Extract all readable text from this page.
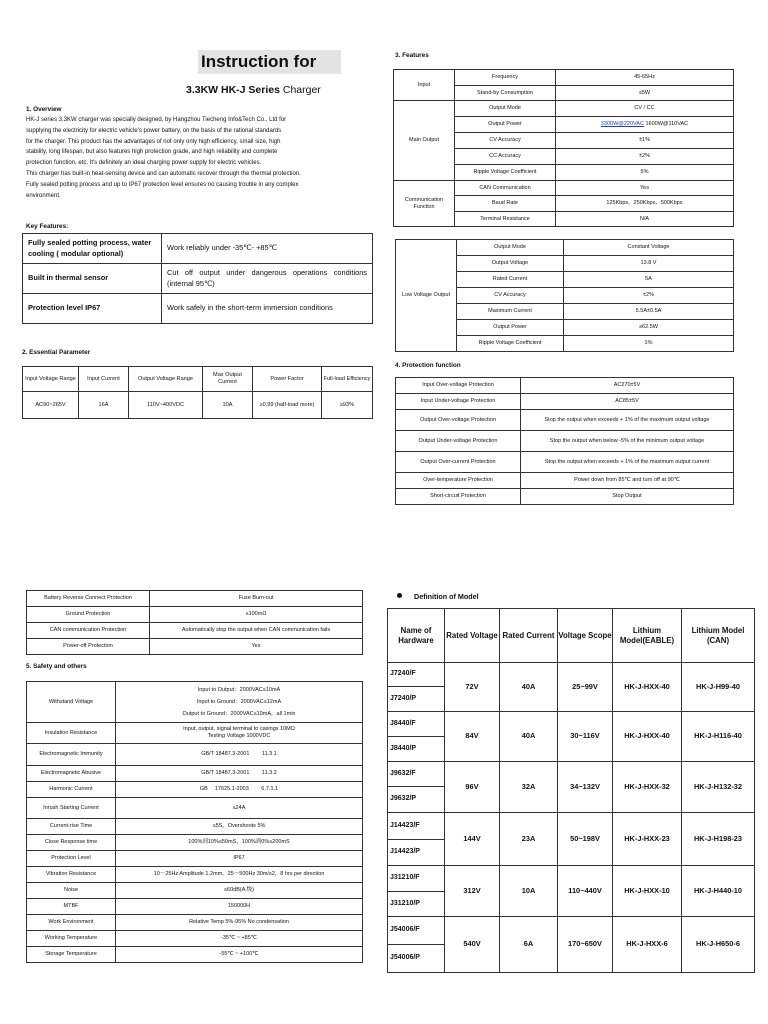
Instruction for
3.3KW HK-J Series Charger
1. Overview
HK-J series 3.3KW charger was specially designed, by Hangzhou Tiecheng Info&Tech Co., Ltd for
supplying the electricity for electric vehicle's power battery, on the basis of the rational standards
for the charger. This product has the advantages of not only only high efficiency, small size, high
stability, long lifespan, but also features high protection grade, and high reliability and complete
protection function, etc. It's definitely an ideal charging power supply for electric vehicles.
This charger has built-in heat-sensing device and can automatic recover through the thermal protection.
Fully sealed potting process and up to IP67 protection level ensures no causing trouble in any complex
environment.
Key Features:
Fully sealed potting process, water cooling ( modular optional)	Work reliably under -35℃- +85℃
Built in thermal sensor	Cut off output under dangerous operations conditions (internal 95℃)
Protection level IP67	Work safely in the short-term immersion conditions
2. Essential Parameter
Input Voltage Range	Input Current	Output Voltage Range	Max Output Current	Power Factor	Full-load Efficiency
AC90~265V	16A	110V~400VDC	10A	≥0.99 (half-load more)	≥93%
3. Features
Input	Frequency	45-65Hz
	Stand-by Consumption	≤5W
Main Output	Output Mode	CV / CC
	Output Power	3300W@220VAC 1600W@110VAC
	CV Accuracy	±1%
	CC Accuracy	±2%
	Ripple Voltage Coefficient	5%
Communication Function	CAN Communication	Yes
	Baud Rate	125Kbps、250Kbps、500Kbps
	Terminal Resistance	N/A
Low Voltage Output	Output Mode	Constant Voltage
	Output Voltage	13.8 V
	Rated Current	5A
	CV Accuracy	±2%
	Maximum Current	5.5A±0.5A
	Output Power	≥62.5W
	Ripple Voltage Coefficient	1%
4. Protection function
Input Over-voltage Protection	AC270±5V
Input Under-voltage Protection	AC85±5V
Output Over-voltage Protection	Stop the output when exceeds + 1% of the maximum output voltage
Output Under-voltage Protection	Stop the output when below -5% of the minimum output voltage
Output Over-current Protection	Stop the output when exceeds + 1% of the maximum output current
Over-temperature Protection	Power down from 85℃ and turn off at 90℃
Short-circuit Protection	Stop Output
Battery Reverse Connect Protection	Fuse Burn-out
Ground Protection	≤100mΩ
CAN communication Protection	Automatically stop the output when CAN communication fails
Power-off Protection	Yes
5. Safety and others
Withstand Voltage	Input to Output：2000VAC≤10mA
Input to Ground：2000VAC≤12mA
Output to Ground：2000VAC≤10mA，all 1min

Insulation Resistance	Input, output, signal terminal to casings 10MΩ
Testing Voltage 1000VDC

Electromagnetic Immunity	GB/T 18487.3-2001　　 11.3.1
Electromagnetic Abusive	GB/T 18487.3-2001　　 11.3.2
Harmonic Current	GB　 17625.1-2003　　 6.7.1.1
Inrush Starting Current	≤24A
Current-rise Time	≤5S，Overshoots 5%
Close Response time	100%到10%≤50mS，100%到0%≤200mS
Protection Level	IP67
Vibration Resistance	10～25Hz Amplitude 1.2mm，25～500Hz 30m/s2，8 hrs per direction
Noise	≤60dB(A 级)
MTBF	150000H
Work Environment	Relative Temp 5%-95% No condensation
Working Temperature	-35℃ ~ +85℃
Storage Temperature	-55℃ ~ +100℃
Definition of Model
Name of Hardware	Rated Voltage	Rated Current	Voltage Scope	Lithium Model(EABLE)	Lithium Model (CAN)
J7240/F	72V	40A	25~99V	HK-J-HXX-40	HK-J-H99-40
J7240/P					
J8440/F	84V	40A	30~116V	HK-J-HXX-40	HK-J-H116-40
J8440/P					
J9632/F	96V	32A	34~132V	HK-J-HXX-32	HK-J-H132-32
J9632/P					
J14423/F	144V	23A	50~198V	HK-J-HXX-23	HK-J-H198-23
J14423/P					
J31210/F	312V	10A	110~440V	HK-J-HXX-10	HK-J-H440-10
J31210/P					
J54006/F	540V	6A	170~650V	HK-J-HXX-6	HK-J-H650-6
J54006/P					
